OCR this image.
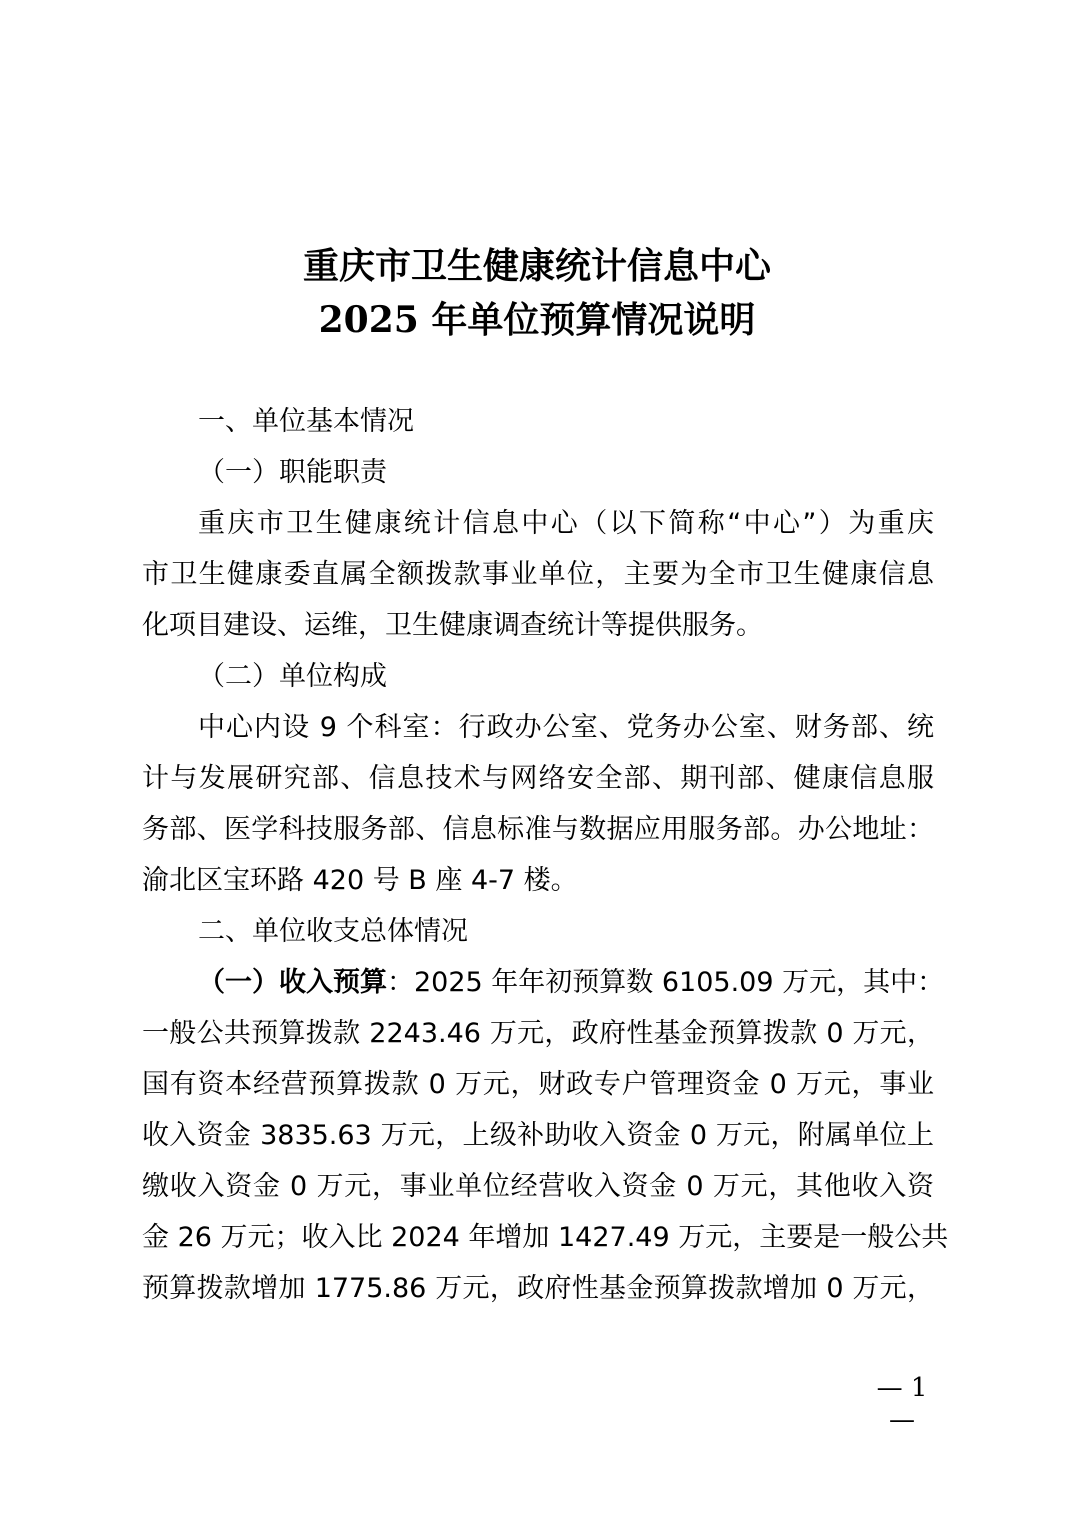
重庆市卫生健康统计信息中心
2025 年单位预算情况说明
一、单位基本情况
（一）职能职责
重庆市卫生健康统计信息中心（以下简称“中心”）为重庆
市卫生健康委直属全额拨款事业单位，主要为全市卫生健康信息
化项目建设、运维，卫生健康调查统计等提供服务。
（二）单位构成
中心内设 9 个科室：行政办公室、党务办公室、财务部、统
计与发展研究部、信息技术与网络安全部、期刊部、健康信息服
务部、医学科技服务部、信息标准与数据应用服务部。办公地址：
渝北区宝环路 420 号 B 座 4-7 楼。
二、单位收支总体情况
（一）收入预算：2025 年年初预算数 6105.09 万元，其中：
一般公共预算拨款 2243.46 万元，政府性基金预算拨款 0 万元，
国有资本经营预算拨款 0 万元，财政专户管理资金 0 万元，事业
收入资金 3835.63 万元，上级补助收入资金 0 万元，附属单位上
缴收入资金 0 万元，事业单位经营收入资金 0 万元，其他收入资
金 26 万元；收入比 2024 年增加 1427.49 万元，主要是一般公共
预算拨款增加 1775.86 万元，政府性基金预算拨款增加 0 万元，
— 1 —
